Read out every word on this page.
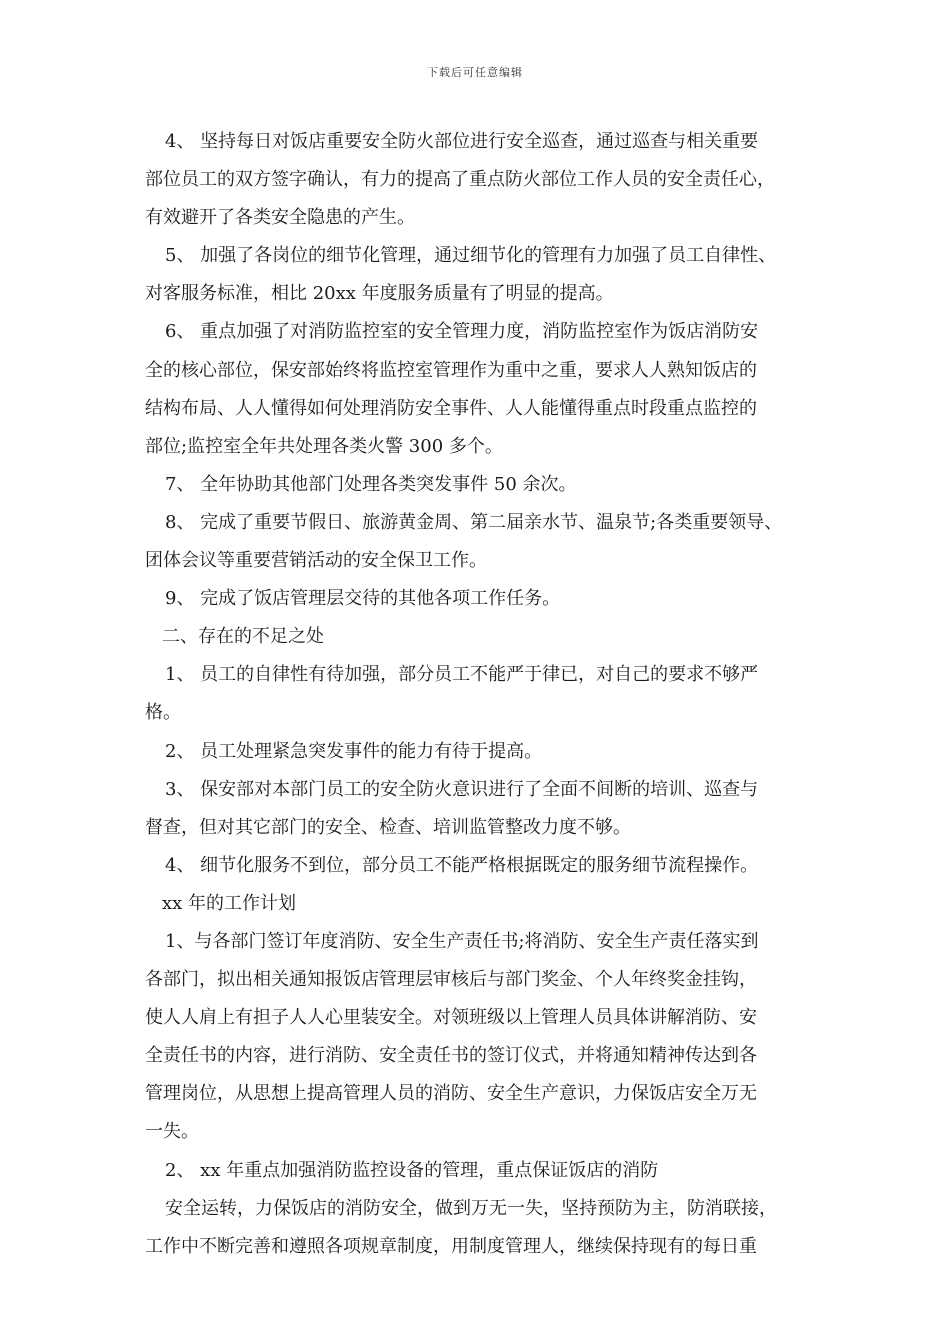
下载后可任意编辑
4、 坚持每日对饭店重要安全防火部位进行安全巡查，通过巡查与相关重要
部位员工的双方签字确认，有力的提高了重点防火部位工作人员的安全责任心，
有效避开了各类安全隐患的产生。
5、 加强了各岗位的细节化管理，通过细节化的管理有力加强了员工自律性、
对客服务标准，相比 20xx 年度服务质量有了明显的提高。
6、 重点加强了对消防监控室的安全管理力度，消防监控室作为饭店消防安
全的核心部位，保安部始终将监控室管理作为重中之重，要求人人熟知饭店的
结构布局、人人懂得如何处理消防安全事件、人人能懂得重点时段重点监控的
部位;监控室全年共处理各类火警 300 多个。
7、 全年协助其他部门处理各类突发事件 50 余次。
8、 完成了重要节假日、旅游黄金周、第二届亲水节、温泉节;各类重要领导、
团体会议等重要营销活动的安全保卫工作。
9、 完成了饭店管理层交待的其他各项工作任务。
二、存在的不足之处
1、 员工的自律性有待加强，部分员工不能严于律已，对自己的要求不够严
格。
2、 员工处理紧急突发事件的能力有待于提高。
3、 保安部对本部门员工的安全防火意识进行了全面不间断的培训、巡查与
督查，但对其它部门的安全、检查、培训监管整改力度不够。
4、 细节化服务不到位，部分员工不能严格根据既定的服务细节流程操作。
xx 年的工作计划
1、与各部门签订年度消防、安全生产责任书;将消防、安全生产责任落实到
各部门，拟出相关通知报饭店管理层审核后与部门奖金、个人年终奖金挂钩，
使人人肩上有担子人人心里装安全。对领班级以上管理人员具体讲解消防、安
全责任书的内容，进行消防、安全责任书的签订仪式，并将通知精神传达到各
管理岗位，从思想上提高管理人员的消防、安全生产意识，力保饭店安全万无
一失。
2、 xx 年重点加强消防监控设备的管理，重点保证饭店的消防
安全运转，力保饭店的消防安全，做到万无一失，坚持预防为主，防消联接，
工作中不断完善和遵照各项规章制度，用制度管理人，继续保持现有的每日重
